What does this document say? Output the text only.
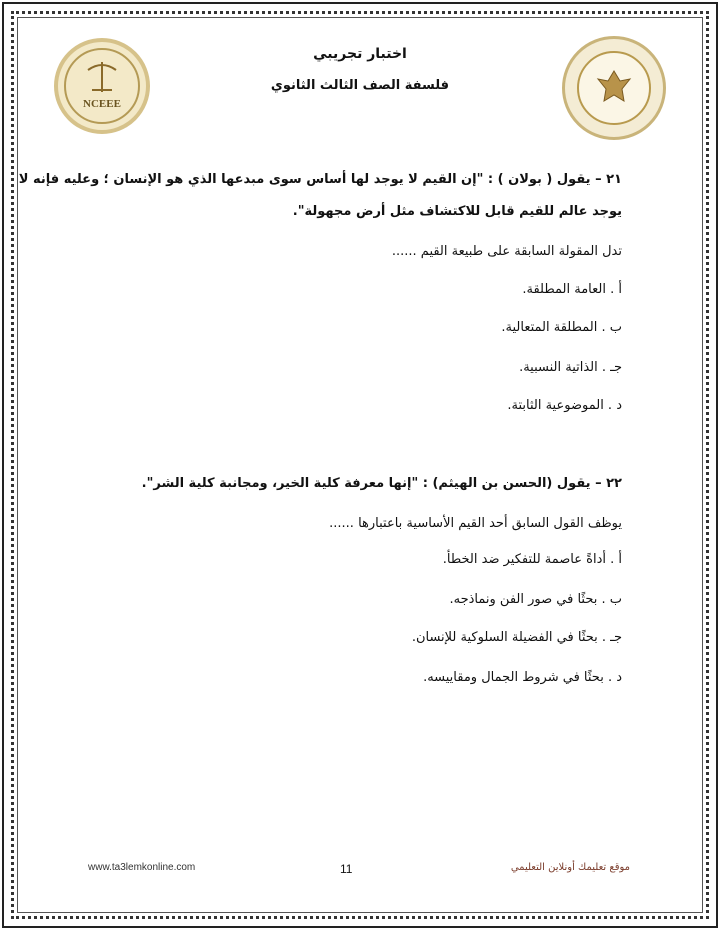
NCEEE
اختبار تجريبي
فلسفة الصف الثالث الثانوي
٢١ – يقول ( بولان ) : "إن القيم لا يوجد لها أساس سوى مبدعها الذي هو الإنسان ؛ وعليه فإنه لا
يوجد عالم للقيم قابل للاكتشاف مثل أرض مجهولة".
تدل المقولة السابقة على طبيعة القيم ......
أ . العامة المطلقة.
ب . المطلقة المتعالية.
جـ . الذاتية النسبية.
د . الموضوعية الثابتة.
٢٢ – يقول (الحسن بن الهيثم) : "إنها معرفة كلية الخير، ومجانبة كلية الشر".
يوظف القول السابق أحد القيم الأساسية باعتبارها ......
أ . أداةً عاصمة للتفكير ضد الخطأ.
ب . بحثًا في صور الفن ونماذجه.
جـ . بحثًا في الفضيلة السلوكية للإنسان.
د . بحثًا في شروط الجمال ومقاييسه.
www.ta3lemkonline.com	11	موقع تعليمك أونلاين التعليمي
